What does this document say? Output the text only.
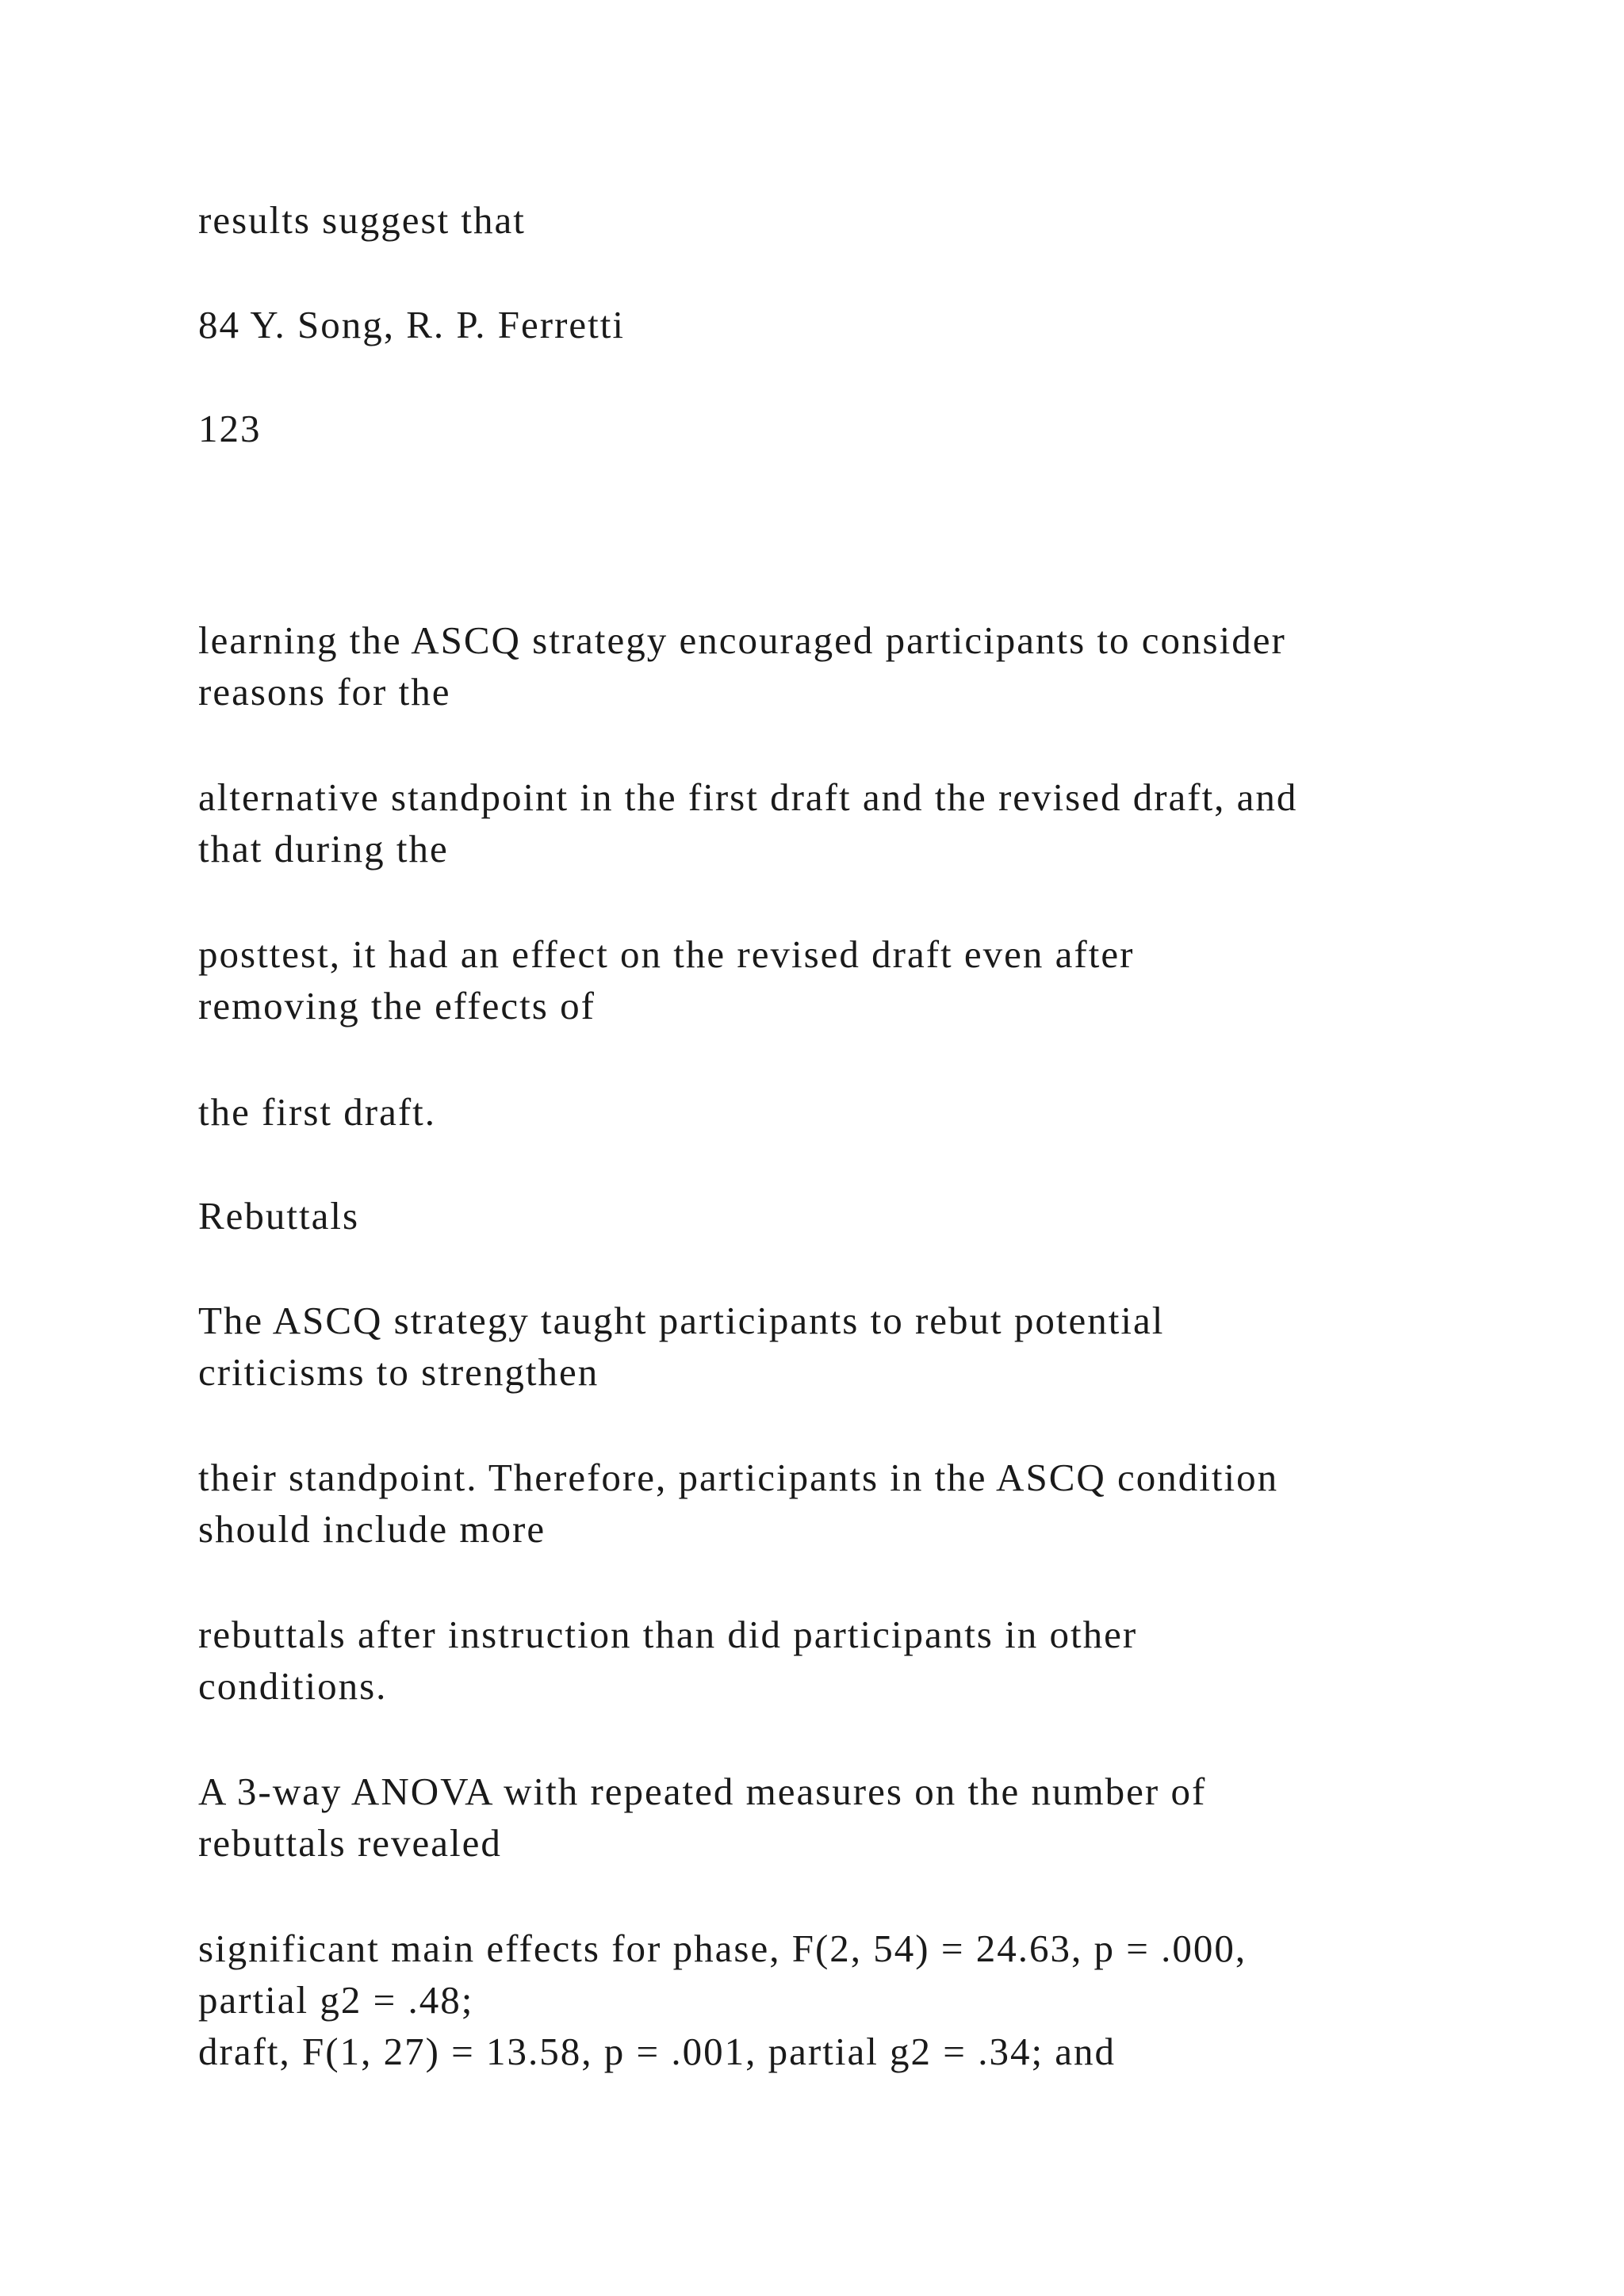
results suggest that

84 Y. Song, R. P. Ferretti

123

learning the ASCQ strategy encouraged participants to consider

reasons for the

alternative standpoint in the first draft and the revised draft, and

that during the

posttest, it had an effect on the revised draft even after

removing the effects of

the first draft.

Rebuttals

The ASCQ strategy taught participants to rebut potential

criticisms to strengthen

their standpoint. Therefore, participants in the ASCQ condition

should include more

rebuttals after instruction than did participants in other

conditions.

A 3-way ANOVA with repeated measures on the number of

rebuttals revealed

significant main effects for phase, F(2, 54) = 24.63, p = .000,

partial g2 = .48;

draft, F(1, 27) = 13.58, p = .001, partial g2 = .34; and
